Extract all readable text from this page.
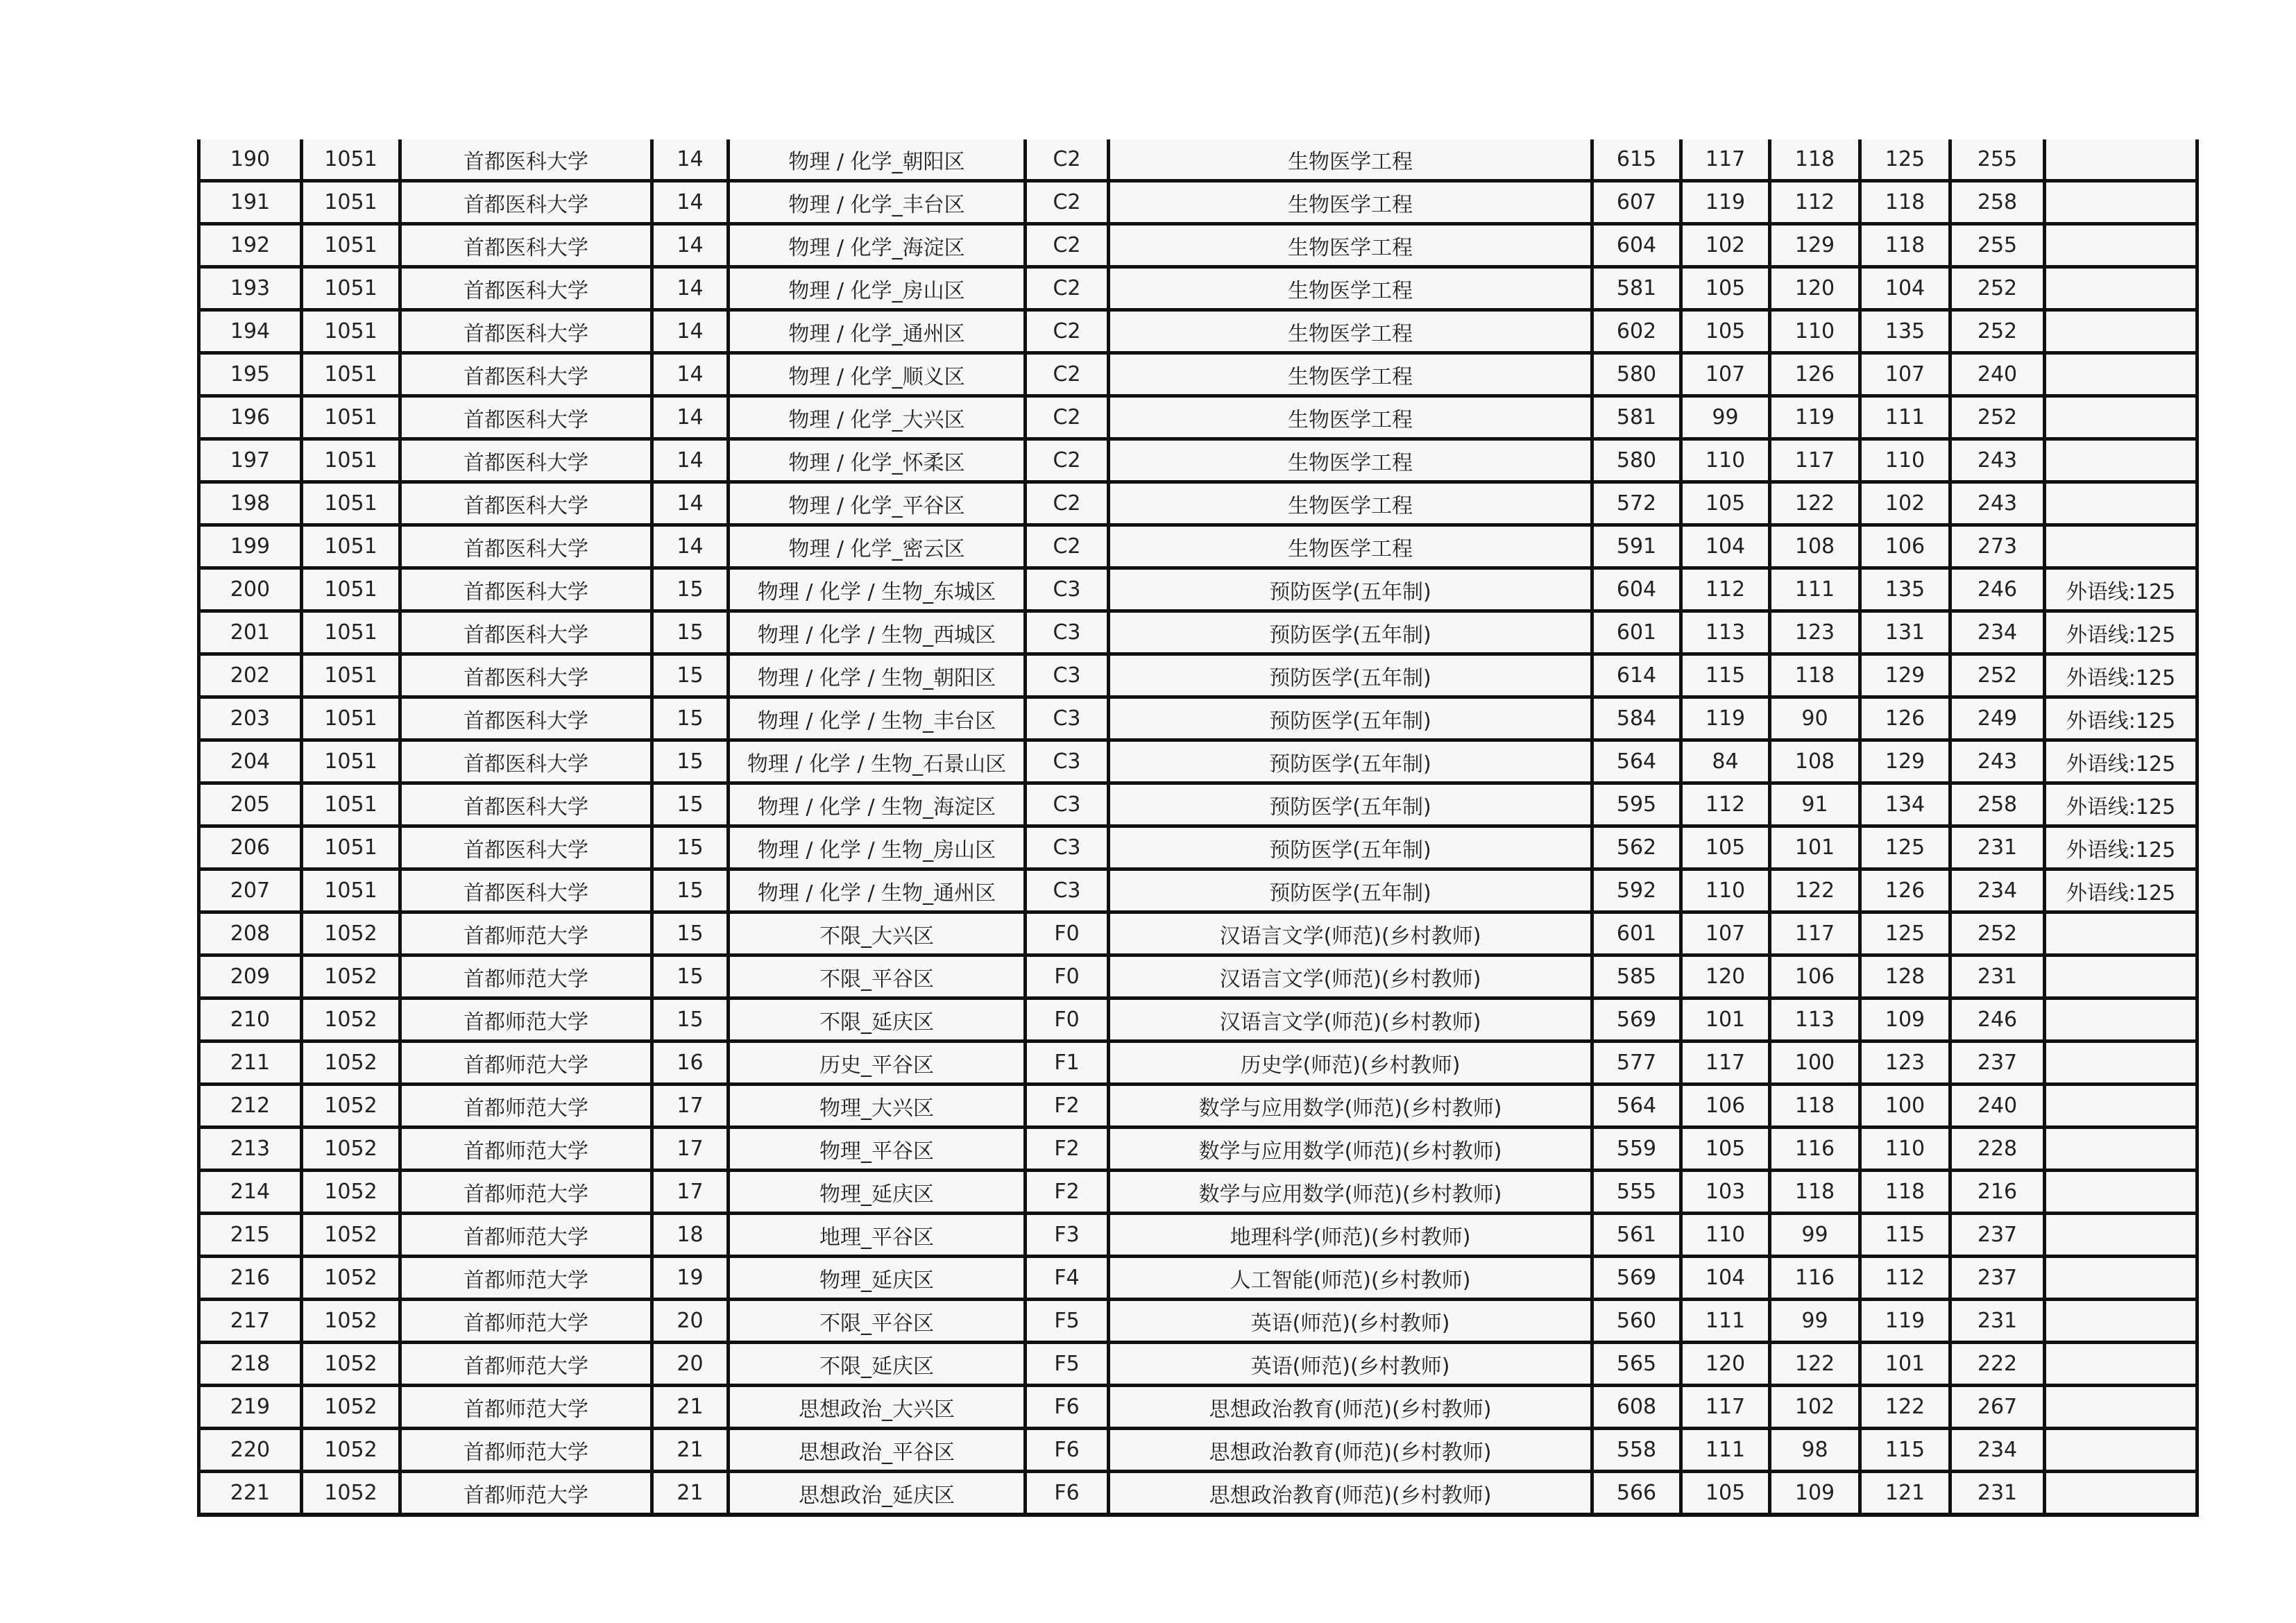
190	1051	首都医科大学	14	物理 / 化学_朝阳区	C2	生物医学工程	615	117	118	125	255	
191	1051	首都医科大学	14	物理 / 化学_丰台区	C2	生物医学工程	607	119	112	118	258	
192	1051	首都医科大学	14	物理 / 化学_海淀区	C2	生物医学工程	604	102	129	118	255	
193	1051	首都医科大学	14	物理 / 化学_房山区	C2	生物医学工程	581	105	120	104	252	
194	1051	首都医科大学	14	物理 / 化学_通州区	C2	生物医学工程	602	105	110	135	252	
195	1051	首都医科大学	14	物理 / 化学_顺义区	C2	生物医学工程	580	107	126	107	240	
196	1051	首都医科大学	14	物理 / 化学_大兴区	C2	生物医学工程	581	99	119	111	252	
197	1051	首都医科大学	14	物理 / 化学_怀柔区	C2	生物医学工程	580	110	117	110	243	
198	1051	首都医科大学	14	物理 / 化学_平谷区	C2	生物医学工程	572	105	122	102	243	
199	1051	首都医科大学	14	物理 / 化学_密云区	C2	生物医学工程	591	104	108	106	273	
200	1051	首都医科大学	15	物理 / 化学 / 生物_东城区	C3	预防医学(五年制)	604	112	111	135	246	外语线:125
201	1051	首都医科大学	15	物理 / 化学 / 生物_西城区	C3	预防医学(五年制)	601	113	123	131	234	外语线:125
202	1051	首都医科大学	15	物理 / 化学 / 生物_朝阳区	C3	预防医学(五年制)	614	115	118	129	252	外语线:125
203	1051	首都医科大学	15	物理 / 化学 / 生物_丰台区	C3	预防医学(五年制)	584	119	90	126	249	外语线:125
204	1051	首都医科大学	15	物理 / 化学 / 生物_石景山区	C3	预防医学(五年制)	564	84	108	129	243	外语线:125
205	1051	首都医科大学	15	物理 / 化学 / 生物_海淀区	C3	预防医学(五年制)	595	112	91	134	258	外语线:125
206	1051	首都医科大学	15	物理 / 化学 / 生物_房山区	C3	预防医学(五年制)	562	105	101	125	231	外语线:125
207	1051	首都医科大学	15	物理 / 化学 / 生物_通州区	C3	预防医学(五年制)	592	110	122	126	234	外语线:125
208	1052	首都师范大学	15	不限_大兴区	F0	汉语言文学(师范)(乡村教师)	601	107	117	125	252	
209	1052	首都师范大学	15	不限_平谷区	F0	汉语言文学(师范)(乡村教师)	585	120	106	128	231	
210	1052	首都师范大学	15	不限_延庆区	F0	汉语言文学(师范)(乡村教师)	569	101	113	109	246	
211	1052	首都师范大学	16	历史_平谷区	F1	历史学(师范)(乡村教师)	577	117	100	123	237	
212	1052	首都师范大学	17	物理_大兴区	F2	数学与应用数学(师范)(乡村教师)	564	106	118	100	240	
213	1052	首都师范大学	17	物理_平谷区	F2	数学与应用数学(师范)(乡村教师)	559	105	116	110	228	
214	1052	首都师范大学	17	物理_延庆区	F2	数学与应用数学(师范)(乡村教师)	555	103	118	118	216	
215	1052	首都师范大学	18	地理_平谷区	F3	地理科学(师范)(乡村教师)	561	110	99	115	237	
216	1052	首都师范大学	19	物理_延庆区	F4	人工智能(师范)(乡村教师)	569	104	116	112	237	
217	1052	首都师范大学	20	不限_平谷区	F5	英语(师范)(乡村教师)	560	111	99	119	231	
218	1052	首都师范大学	20	不限_延庆区	F5	英语(师范)(乡村教师)	565	120	122	101	222	
219	1052	首都师范大学	21	思想政治_大兴区	F6	思想政治教育(师范)(乡村教师)	608	117	102	122	267	
220	1052	首都师范大学	21	思想政治_平谷区	F6	思想政治教育(师范)(乡村教师)	558	111	98	115	234	
221	1052	首都师范大学	21	思想政治_延庆区	F6	思想政治教育(师范)(乡村教师)	566	105	109	121	231	
